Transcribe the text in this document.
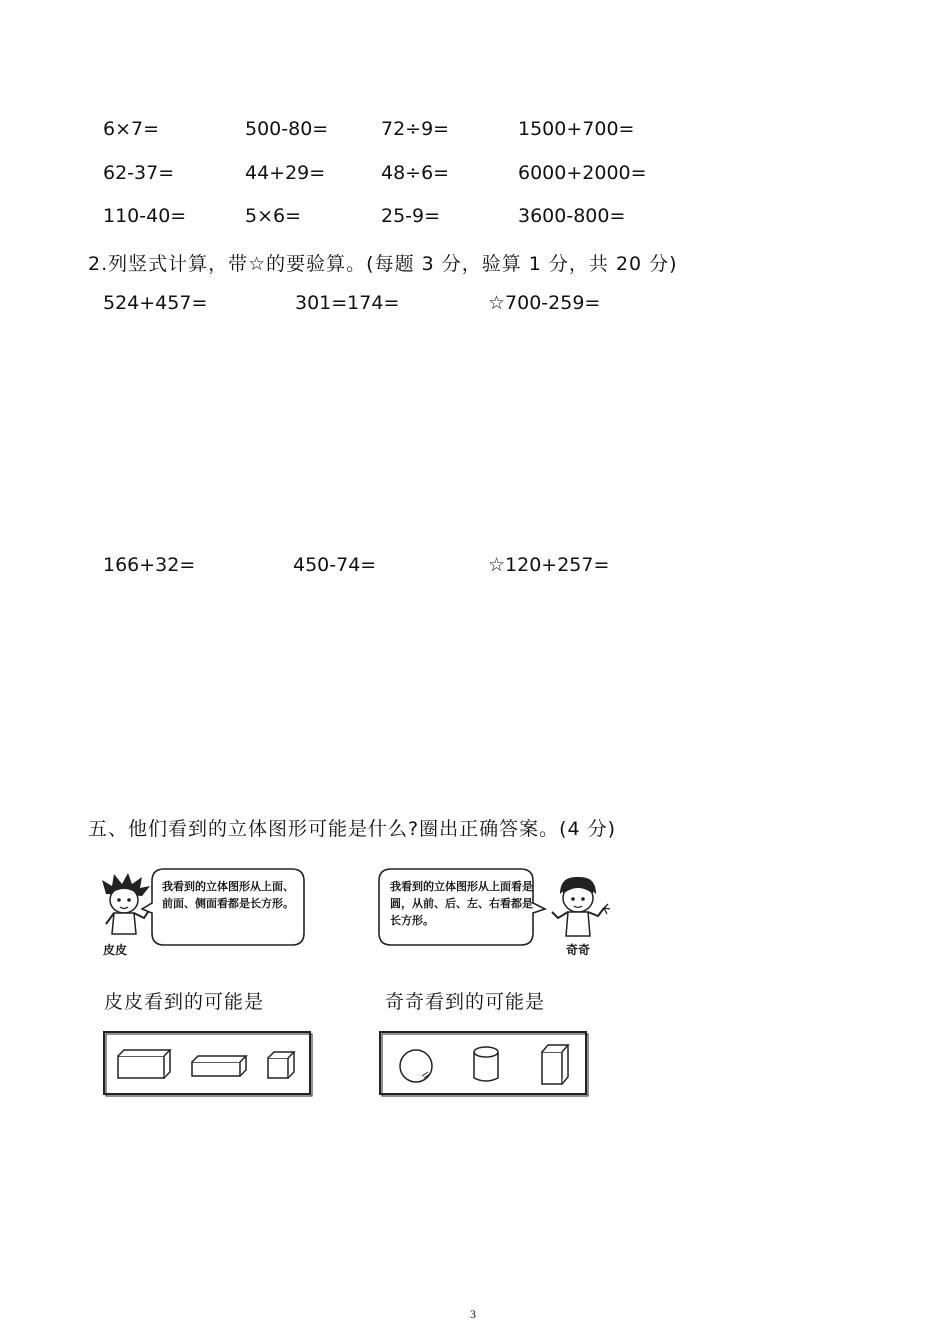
6×7=	500-80=	72÷9=	1500+700=
62-37=	44+29=	48÷6=	6000+2000=
110-40=	5×6=	25-9=	3600-800=
2.列竖式计算，带☆的要验算。(每题 3 分，验算 1 分，共 20 分)
524+457=	301=174=	☆700-259=
166+32=	450-74=	☆120+257=
五、他们看到的立体图形可能是什么?圈出正确答案。(4 分)
皮皮
我看到的立体图形从上面、前面、侧面看都是长方形。
我看到的立体图形从上面看是圆，从前、后、左、右看都是长方形。
奇奇
皮皮看到的可能是	奇奇看到的可能是
3
